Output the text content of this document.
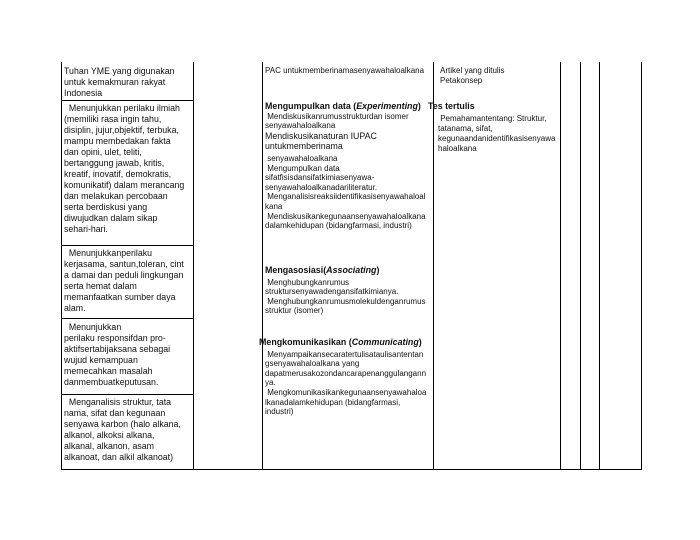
Tuhan YME yang digunakan

untuk kemakmuran rakyat

Indonesia

Menunjukkan perilaku ilmiah

(memiliki rasa ingin tahu,

disiplin, jujur,objektif, terbuka,

mampu membedakan fakta

dan opini, ulet, teliti,

bertanggung jawab, kritis,

kreatif, inovatif, demokratis,

komunikatif) dalam merancang

dan melakukan percobaan

serta berdiskusi yang

diwujudkan dalam sikap

sehari-hari.

Menunjukkanperilaku

kerjasama, santun,toleran, cint

a damai dan peduli lingkungan

serta hemat dalam

memanfaatkan sumber daya

alam.

Menunjukkan

perilaku responsifdan pro-

aktifsertabijaksana sebagai

wujud kemampuan

memecahkan masalah

danmembuatkeputusan.

Menganalisis struktur, tata

nama, sifat dan kegunaan

senyawa karbon (halo alkana,

alkanol, alkoksi alkana,

alkanal, alkanon, asam

alkanoat, dan alkil alkanoat)

PAC untukmemberinamasenyawahaloalkana

Mengumpulkan data (Experimenting)

Mendiskusikanrumusstrukturdan isomer

senyawahaloalkana

Mendiskusikanaturan IUPAC

untukmemberinama

senyawahaloalkana

Mengumpulkan data

sifatfisisdansifatkimiasenyawa-

senyawahaloalkanadariliteratur.

Menganalisisreaksiidentifikasisenyawahaloal

kana

Mendiskusikankegunaansenyawahaloalkana

dalamkehidupan (bidangfarmasi, industri)

Mengasosiasi(Associating)

Menghubungkanrumus

struktursenyawadengansifatkimianya.

Menghubungkanrumusmolekuldenganrumus

struktur (isomer)

Mengkomunikasikan (Communicating)

Menyampaikansecaratertulisataulisantentan

gsenyawahaloalkana yang

dapatmerusakozondancarapenanggulangann

ya.

Mengkomunikasikankegunaansenyawahaloa

lkanadalamkehidupan (bidangfarmasi,

industri)

Artikel yang ditulis

Petakonsep

Tes tertulis

Pemahamantentang: Struktur,

tatanama, sifat,

kegunaandanidentifikasisenyawa

haloalkana
